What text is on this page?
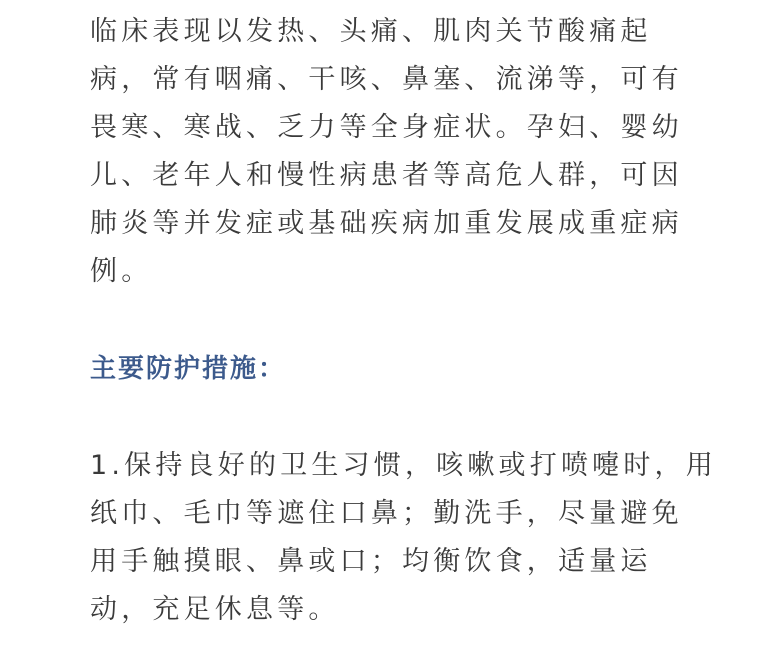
临床表现以发热、头痛、肌肉关节酸痛起
病，常有咽痛、干咳、鼻塞、流涕等，可有
畏寒、寒战、乏力等全身症状。孕妇、婴幼
儿、老年人和慢性病患者等高危人群，可因
肺炎等并发症或基础疾病加重发展成重症病
例。
主要防护措施：
1.保持良好的卫生习惯，咳嗽或打喷嚏时，用
纸巾、毛巾等遮住口鼻；勤洗手，尽量避免
用手触摸眼、鼻或口；均衡饮食，适量运
动，充足休息等。
